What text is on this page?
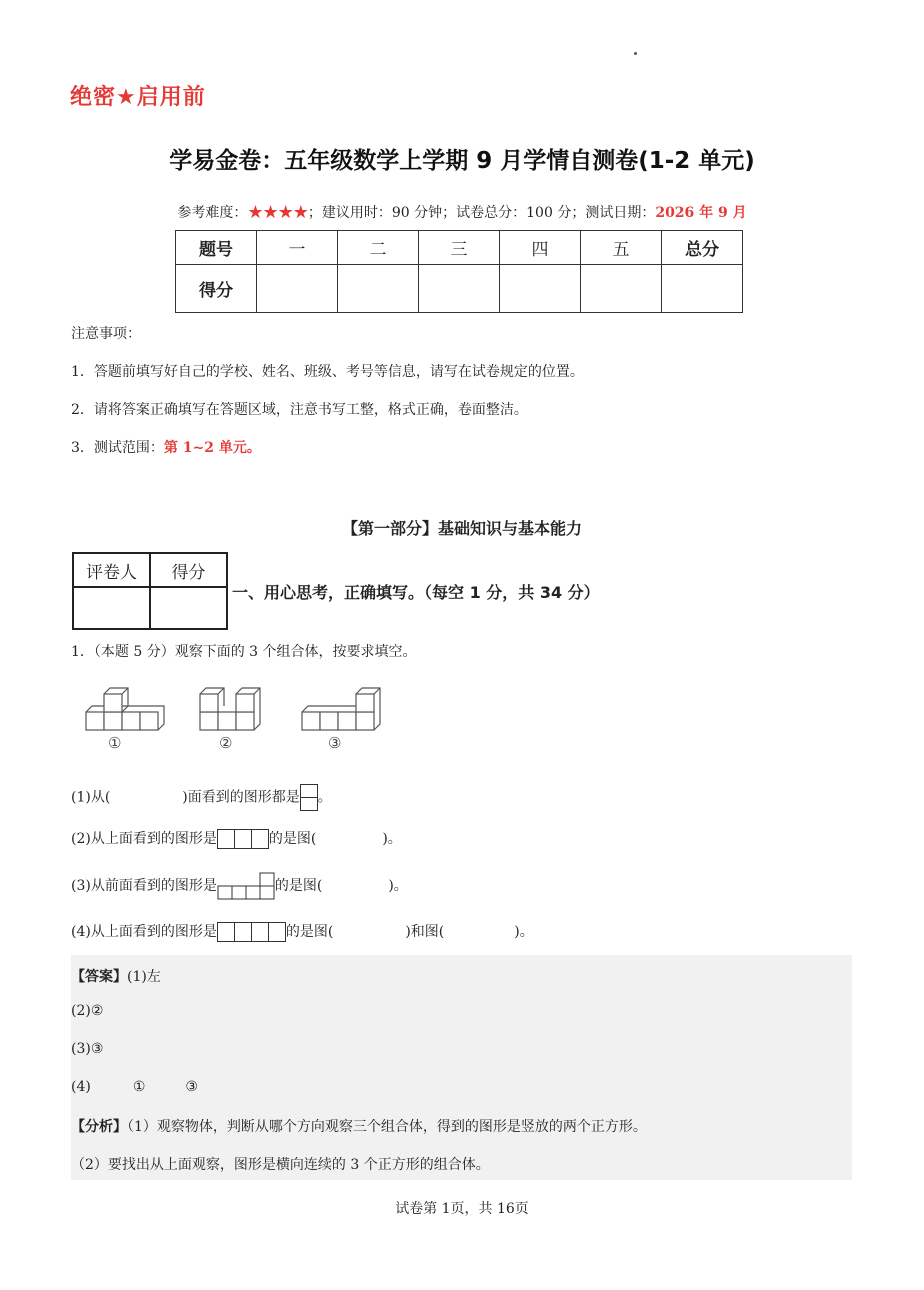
绝密★启用前
学易金卷：五年级数学上学期 9 月学情自测卷(1-2 单元)
参考难度：★★★★；建议用时：90 分钟；试卷总分：100 分；测试日期：2026 年 9 月
题号	一	二	三	四	五	总分
得分						
注意事项：
1．答题前填写好自己的学校、姓名、班级、考号等信息，请写在试卷规定的位置。
2．请将答案正确填写在答题区域，注意书写工整，格式正确，卷面整洁。
3．测试范围：第 1~2 单元。
【第一部分】基础知识与基本能力
评卷人	得分

一、用心思考，正确填写。（每空 1 分，共 34 分）
1．（本题 5 分）观察下面的 3 个组合体，按要求填空。
①	②	③
(1)从(	)面看到的图形都是 。
(2)从上面看到的图形是	的是图(	)。
(3)从前面看到的图形是	的是图(	)。
(4)从上面看到的图形是	的是图(	)和图(	)。
【答案】(1)左
(2)②
(3)③
(4)	①	③
【分析】（1）观察物体，判断从哪个方向观察三个组合体，得到的图形是竖放的两个正方形。
（2）要找出从上面观察，图形是横向连续的 3 个正方形的组合体。
试卷第 1页，共 16页
